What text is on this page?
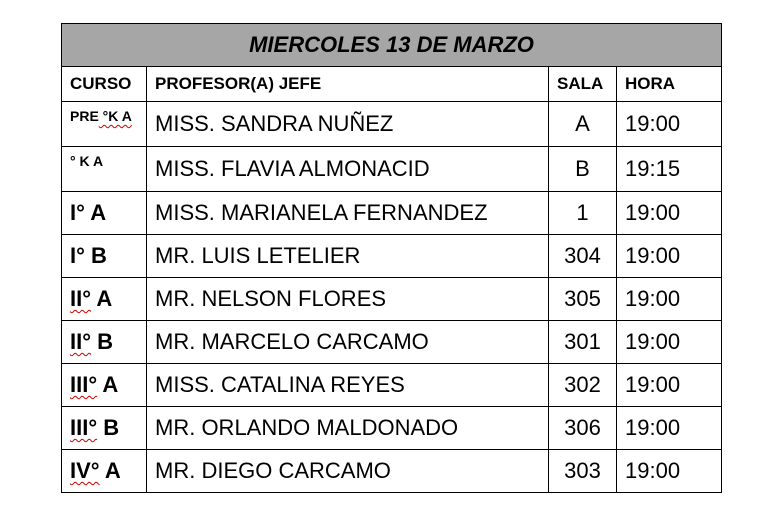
MIERCOLES 13 DE MARZO			
CURSO	PROFESOR(A) JEFE	SALA	HORA
PRE °K A	MISS. SANDRA NUÑEZ	A	19:00
° K A	MISS. FLAVIA ALMONACID	B	19:15
I° A	MISS. MARIANELA FERNANDEZ	1	19:00
I° B	MR. LUIS LETELIER	304	19:00
II° A	MR. NELSON FLORES	305	19:00
II° B	MR. MARCELO CARCAMO	301	19:00
III° A	MISS. CATALINA REYES	302	19:00
III° B	MR. ORLANDO MALDONADO	306	19:00
IV° A	MR. DIEGO CARCAMO	303	19:00
